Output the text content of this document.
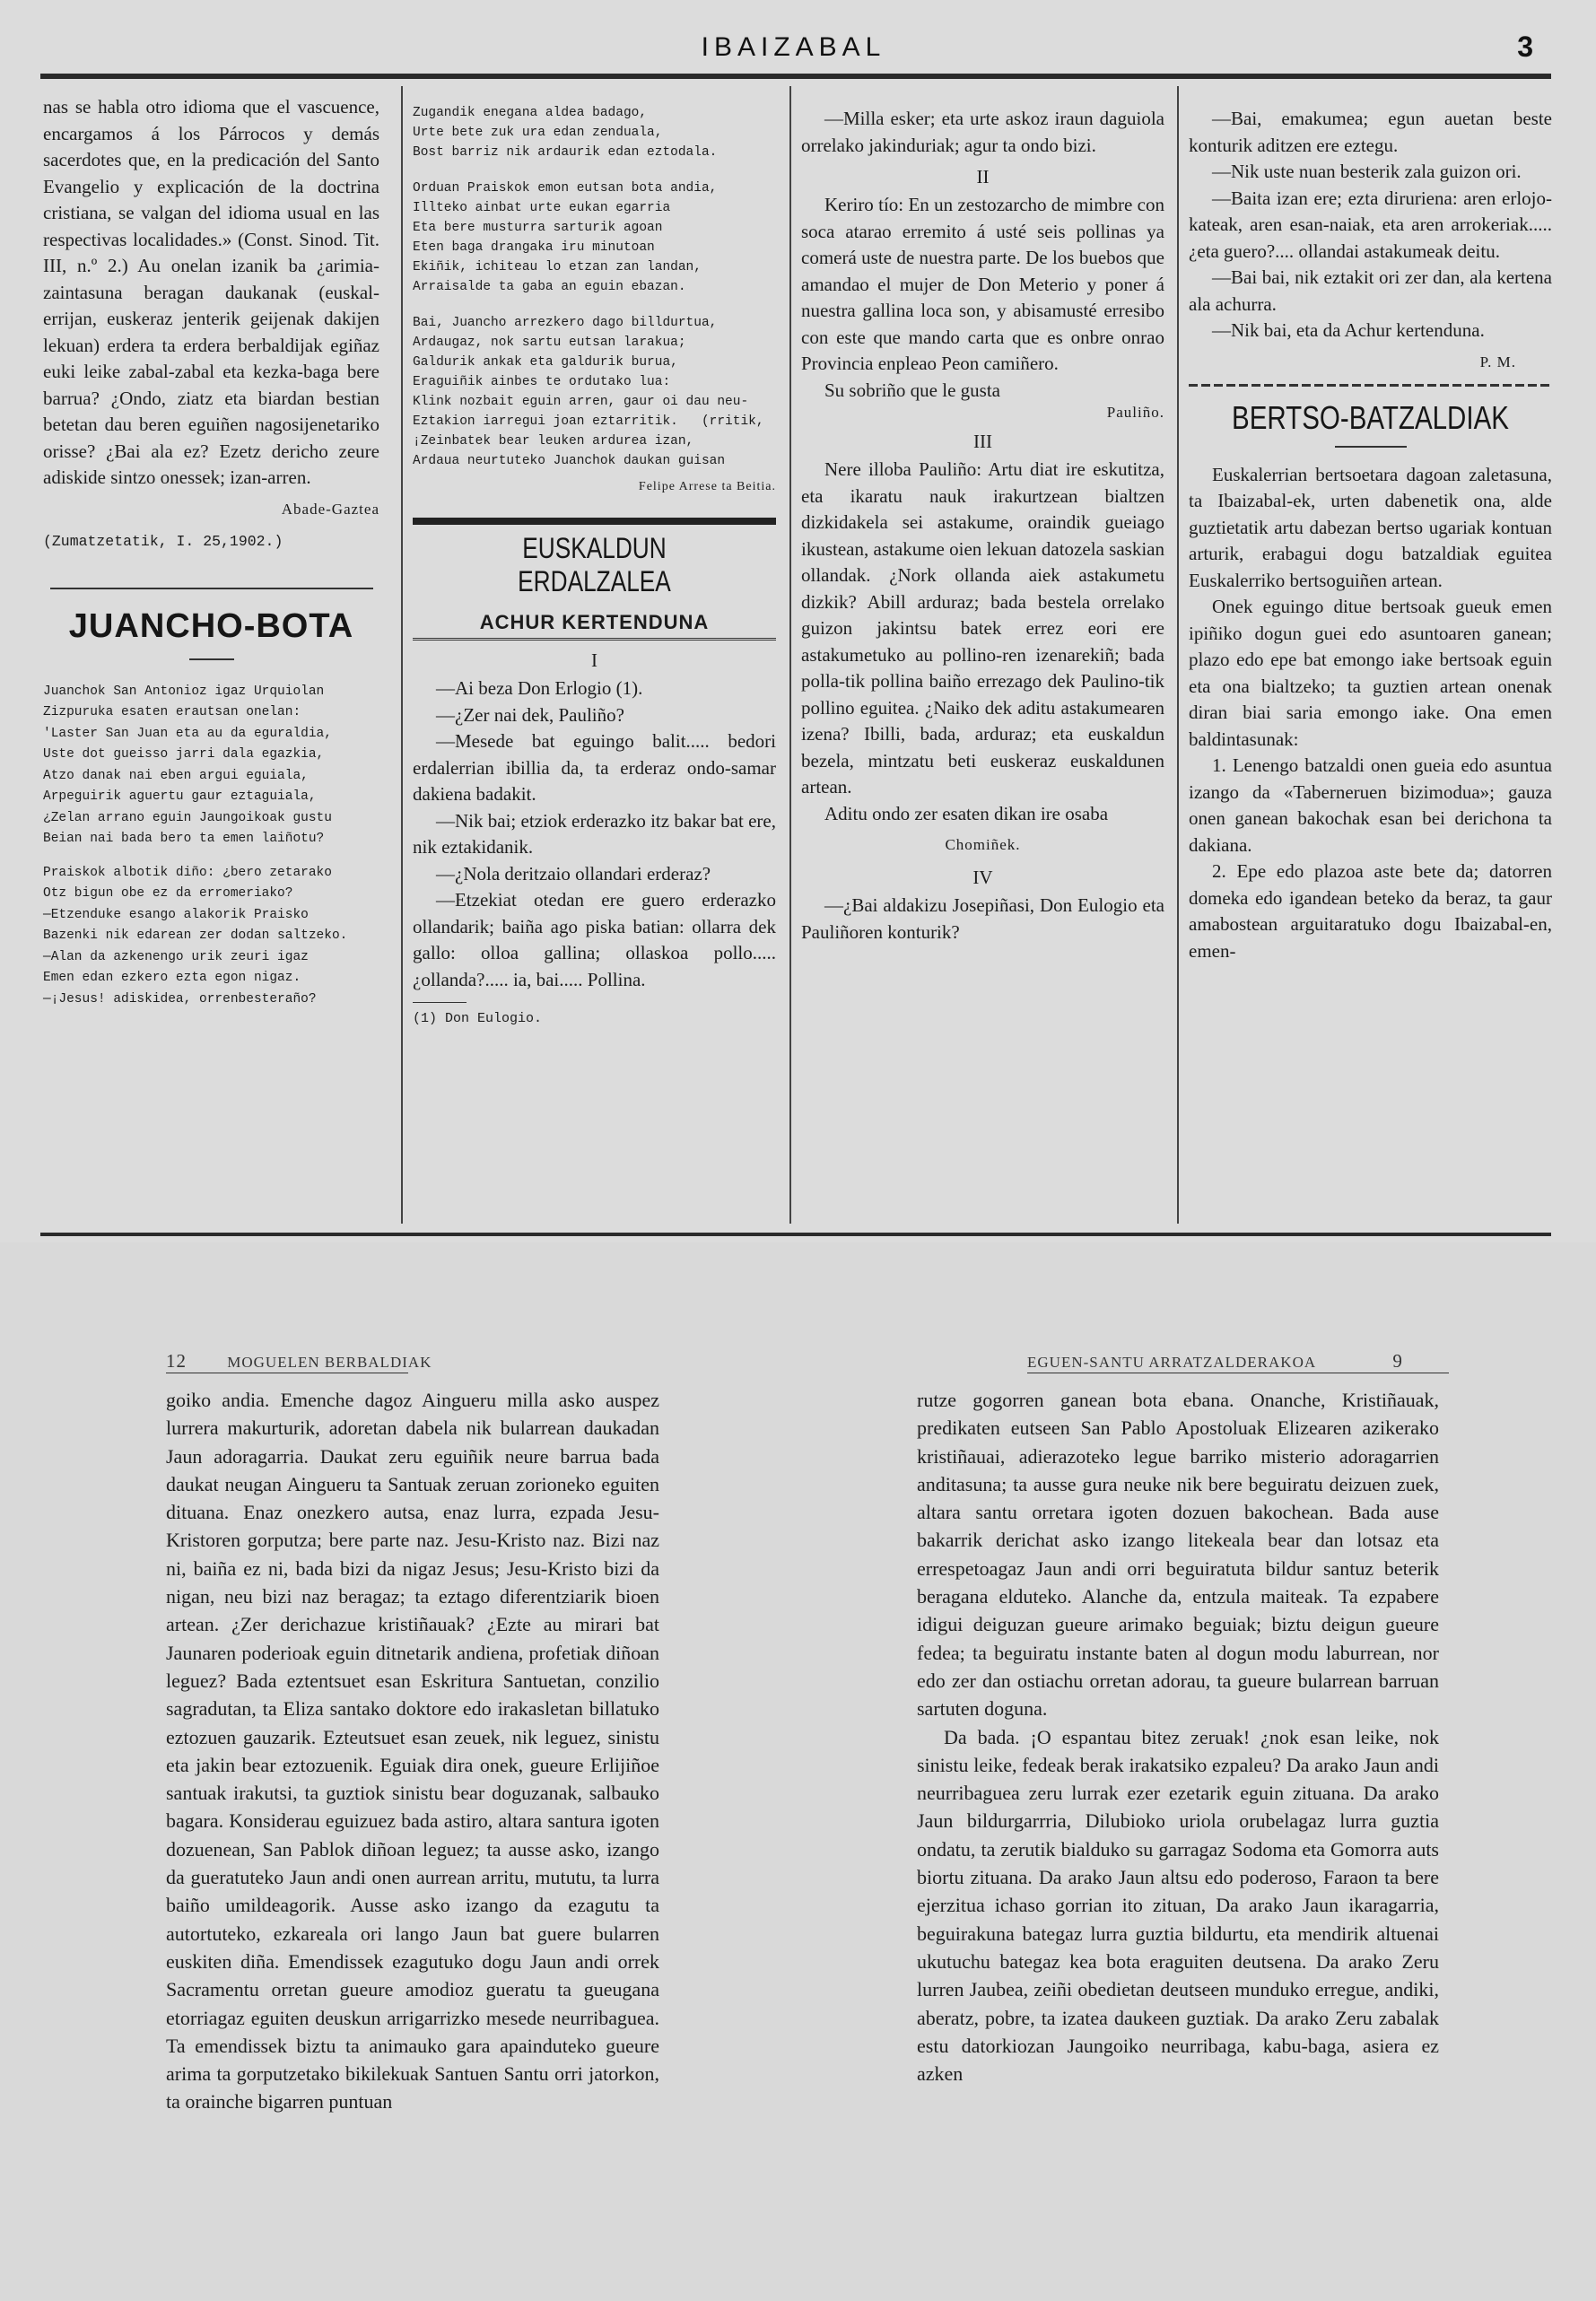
IBAIZABAL	3

nas se habla otro idioma que el vascuence, encargamos á los Párrocos y demás sacerdotes que, en la predicación del Santo Evangelio y explicación de la doctrina cristiana, se valgan del idioma usual en las respectivas localidades.» (Const. Sinod. Tit. III, n.º 2.) Au onelan izanik ba ¿arimia-zaintasuna beragan daukanak (euskal-errijan, euskeraz jenterik geijenak dakijen lekuan) erdera ta erdera berbaldijak egiñaz euki leike zabal-zabal eta kezka-baga bere barrua? ¿Ondo, ziatz eta biardan bestian betetan dau beren eguiñen nagosijenetariko orisse? ¿Bai ala ez? Ezetz dericho zeure adiskide sintzo onessek; izan-arren.

Abade-Gaztea

(Zumatzetatik, I. 25,1902.)

JUANCHO-BOTA

Juanchok San Antonioz igaz Urquiolan
Zizpuruka esaten erautsan onelan:
'Laster San Juan eta au da eguraldia,
Uste dot gueisso jarri dala egazkia,
Atzo danak nai eben argui eguiala,
Arpeguirik aguertu gaur eztaguiala,
¿Zelan arrano eguin Jaungoikoak gustu
Beian nai bada bero ta emen laiñotu?

Praiskok albotik diño: ¿bero zetarako
Otz bigun obe ez da erromeriako?
—Etzenduke esango alakorik Praisko
Bazenki nik edarean zer dodan saltzeko.
—Alan da azkenengo urik zeuri igaz
Emen edan ezkero ezta egon nigaz.
—¡Jesus! adiskidea, orrenbesteraño?

Zugandik enegana aldea badago,
Urte bete zuk ura edan zenduala,
Bost barriz nik ardaurik edan eztodala.

Orduan Praiskok emon eutsan bota andia,
Illteko ainbat urte eukan egarria
Eta bere musturra sarturik agoan
Eten baga drangaka iru minutoan
Ekiñik, ichiteau lo etzan zan landan,
Arraisalde ta gaba an eguin ebazan.

Bai, Juancho arrezkero dago billdurtua,
Ardaugaz, nok sartu eutsan larakua;
Galdurik ankak eta galdurik burua,
Eraguiñik ainbes te ordutako lua:
Klink nozbait eguin arren, gaur oi dau neu-
Eztakion iarregui joan eztarritik.   (rritik,
¡Zeinbatek bear leuken ardurea izan,
Ardaua neurtuteko Juanchok daukan guisan

Felipe Arrese ta Beitia.

EUSKALDUN ERDALZALEA
ACHUR KERTENDUNA
I

—Ai beza Don Erlogio (1).

—¿Zer nai dek, Pauliño?

—Mesede bat eguingo balit..... bedori erdalerrian ibillia da, ta erderaz ondo-samar dakiena badakit.

—Nik bai; etziok erderazko itz bakar bat ere, nik eztakidanik.

—¿Nola deritzaio ollandari erderaz?

—Etzekiat otedan ere guero erderazko ollandarik; baiña ago piska batian: ollarra dek gallo: olloa gallina; ollaskoa pollo..... ¿ollanda?..... ia, bai..... Pollina.

(1) Don Eulogio.

—Milla esker; eta urte askoz iraun daguiola orrelako jakinduriak; agur ta ondo bizi.

II

Keriro tío: En un zestozarcho de mimbre con soca atarao erremito á usté seis pollinas ya comerá uste de nuestra parte. De los buebos que amandao el mujer de Don Meterio y poner á nuestra gallina loca son, y abisamusté erresibo con este que mando carta que es onbre onrao Provincia enpleao Peon camiñero.

Su sobriño que le gusta

Pauliño.

III

Nere illoba Pauliño: Artu diat ire eskutitza, eta ikaratu nauk irakurtzean bialtzen dizkidakela sei astakume, oraindik gueiago ikustean, astakume oien lekuan datozela saskian ollandak. ¿Nork ollanda aiek astakumetu dizkik? Abill arduraz; bada bestela orrelako guizon jakintsu batek errez eori ere astakumetuko au pollino-ren izenarekiñ; bada polla-tik pollina baiño errezago dek Paulino-tik pollino eguitea. ¿Naiko dek aditu astakumearen izena? Ibilli, bada, arduraz; eta euskaldun bezela, mintzatu beti euskeraz euskaldunen artean.

Aditu ondo zer esaten dikan ire osaba

Chomiñek.

IV

—¿Bai aldakizu Josepiñasi, Don Eulogio eta Pauliñoren konturik?

—Bai, emakumea; egun auetan beste konturik aditzen ere eztegu.

—Nik uste nuan besterik zala guizon ori.

—Baita izan ere; ezta diruriena: aren erlojo-kateak, aren esan-naiak, eta aren arrokeriak..... ¿eta guero?.... ollandai astakumeak deitu.

—Bai bai, nik eztakit ori zer dan, ala kertena ala achurra.

—Nik bai, eta da Achur kertenduna.

P. M.

BERTSO-BATZALDIAK

Euskalerrian bertsoetara dagoan zaletasuna, ta Ibaizabal-ek, urten dabenetik ona, alde guztietatik artu dabezan bertso ugariak kontuan arturik, erabagui dogu batzaldiak eguitea Euskalerriko bertsoguiñen artean.

Onek eguingo ditue bertsoak gueuk emen ipiñiko dogun guei edo asuntoaren ganean; plazo edo epe bat emongo iake bertsoak eguin eta ona bialtzeko; ta guztien artean onenak diran biai saria emongo iake. Ona emen baldintasunak:

1. Lenengo batzaldi onen gueia edo asuntua izango da «Taberneruen bizimodua»; gauza onen ganean bakochak esan bei derichona ta dakiana.

2. Epe edo plazoa aste bete da; datorren domeka edo igandean beteko da beraz, ta gaur amabostean arguitaratuko dogu Ibaizabal-en, emen-

12	MOGUELEN BERBALDIAK	EGUEN-SANTU ARRATZALDERAKOA	9

goiko andia. Emenche dagoz Aingueru milla asko auspez lurrera makurturik, adoretan dabela nik bularrean daukadan Jaun adoragarria. Daukat zeru eguiñik neure barrua bada daukat neugan Aingueru ta Santuak zeruan zorioneko eguiten dituana. Enaz onezkero autsa, enaz lurra, ezpada Jesu-Kristoren gorputza; bere parte naz. Jesu-Kristo naz. Bizi naz ni, baiña ez ni, bada bizi da nigaz Jesus; Jesu-Kristo bizi da nigan, neu bizi naz beragaz; ta eztago diferentziarik bioen artean. ¿Zer derichazue kristiñauak? ¿Ezte au mirari bat Jaunaren poderioak eguin ditnetarik andiena, profetiak diñoan leguez? Bada eztentsuet esan Eskritura Santuetan, conzilio sagradutan, ta Eliza santako doktore edo irakasletan billatuko eztozuen gauzarik. Ezteutsuet esan zeuek, nik leguez, sinistu eta jakin bear eztozuenik. Eguiak dira onek, gueure Erlijiñoe santuak irakutsi, ta guztiok sinistu bear doguzanak, salbauko bagara. Konsiderau eguizuez bada astiro, altara santura igoten dozuenean, San Pablok diñoan leguez; ta ausse asko, izango da gueratuteko Jaun andi onen aurrean arritu, mututu, ta lurra baiño umildeagorik. Ausse asko izango da ezagutu ta autortuteko, ezkareala ori lango Jaun bat guere bularren euskiten diña. Emendissek ezagutuko dogu Jaun andi orrek Sacramentu orretan gueure amodioz gueratu ta gueugana etorriagaz eguiten deuskun arrigarrizko mesede neurribaguea. Ta emendissek biztu ta animauko gara apainduteko gueure arima ta gorputzetako bikilekuak Santuen Santu orri jatorkon, ta orainche bigarren puntuan

rutze gogorren ganean bota ebana. Onanche, Kristiñauak, predikaten eutseen San Pablo Apostoluak Elizearen azikerako kristiñauai, adierazoteko legue barriko misterio adoragarrien anditasuna; ta ausse gura neuke nik bere beguiratu deizuen zuek, altara santu orretara igoten dozuen bakochean. Bada ause bakarrik derichat asko izango litekeala bear dan lotsaz eta errespetoagaz Jaun andi orri beguiratuta bildur santuz beterik beragana elduteko. Alanche da, entzula maiteak. Ta ezpabere idigui deiguzan gueure arimako beguiak; biztu deigun gueure fedea; ta beguiratu instante baten al dogun modu laburrean, nor edo zer dan ostiachu orretan adorau, ta gueure bularrean barruan sartuten doguna.

Da bada. ¡O espantau bitez zeruak! ¿nok esan leike, nok sinistu leike, fedeak berak irakatsiko ezpaleu? Da arako Jaun andi neurribaguea zeru lurrak ezer ezetarik eguin zituana. Da arako Jaun bildurgarrria, Dilubioko uriola orubelagaz lurra guztia ondatu, ta zerutik bialduko su garragaz Sodoma eta Gomorra auts biortu zituana. Da arako Jaun altsu edo poderoso, Faraon ta bere ejerzitua ichaso gorrian ito zituan, Da arako Jaun ikaragarria, beguirakuna bategaz lurra guztia bildurtu, eta mendirik altuenai ukutuchu bategaz kea bota eraguiten deutsena. Da arako Zeru lurren Jaubea, zeiñi obedietan deutseen munduko erregue, andiki, aberatz, pobre, ta izatea daukeen guztiak. Da arako Zeru zabalak estu datorkiozan Jaungoiko neurribaga, kabu-baga, asiera ez azken
